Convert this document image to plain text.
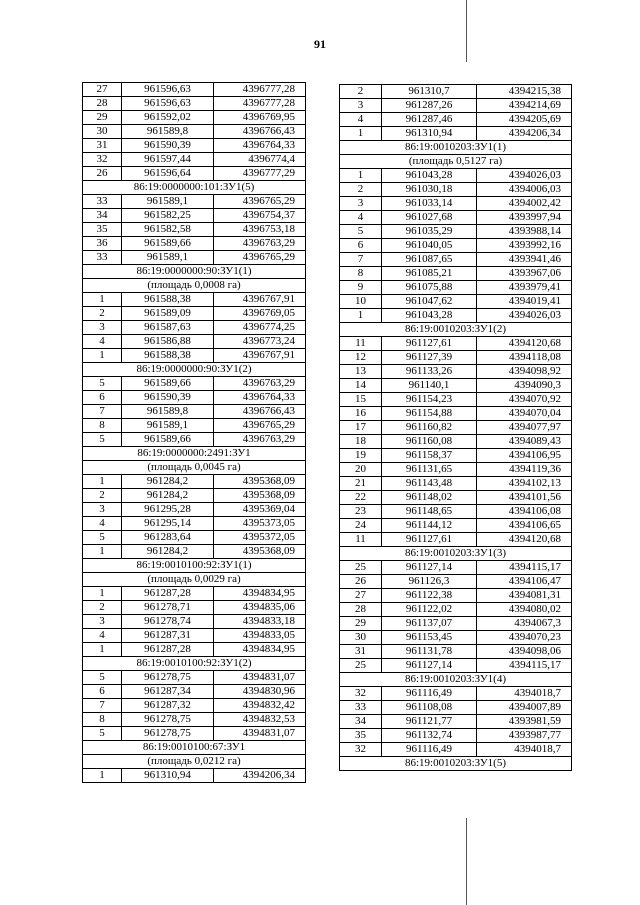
91
27	961596,63	4396777,28
28	961596,63	4396777,28
29	961592,02	4396769,95
30	961589,8	4396766,43
31	961590,39	4396764,33
32	961597,44	4396774,4
26	961596,64	4396777,29
86:19:0000000:101:ЗУ1(5)		
33	961589,1	4396765,29
34	961582,25	4396754,37
35	961582,58	4396753,18
36	961589,66	4396763,29
33	961589,1	4396765,29
86:19:0000000:90:ЗУ1(1)		
(площадь 0,0008 га)		
1	961588,38	4396767,91
2	961589,09	4396769,05
3	961587,63	4396774,25
4	961586,88	4396773,24
1	961588,38	4396767,91
86:19:0000000:90:ЗУ1(2)		
5	961589,66	4396763,29
6	961590,39	4396764,33
7	961589,8	4396766,43
8	961589,1	4396765,29
5	961589,66	4396763,29
86:19:0000000:2491:ЗУ1		
(площадь 0,0045 га)		
1	961284,2	4395368,09
2	961284,2	4395368,09
3	961295,28	4395369,04
4	961295,14	4395373,05
5	961283,64	4395372,05
1	961284,2	4395368,09
86:19:0010100:92:ЗУ1(1)		
(площадь 0,0029 га)		
1	961287,28	4394834,95
2	961278,71	4394835,06
3	961278,74	4394833,18
4	961287,31	4394833,05
1	961287,28	4394834,95
86:19:0010100:92:ЗУ1(2)		
5	961278,75	4394831,07
6	961287,34	4394830,96
7	961287,32	4394832,42
8	961278,75	4394832,53
5	961278,75	4394831,07
86:19:0010100:67:ЗУ1		
(площадь 0,0212 га)		
1	961310,94	4394206,34
2	961310,7	4394215,38
3	961287,26	4394214,69
4	961287,46	4394205,69
1	961310,94	4394206,34
86:19:0010203:ЗУ1(1)		
(площадь 0,5127 га)		
1	961043,28	4394026,03
2	961030,18	4394006,03
3	961033,14	4394002,42
4	961027,68	4393997,94
5	961035,29	4393988,14
6	961040,05	4393992,16
7	961087,65	4393941,46
8	961085,21	4393967,06
9	961075,88	4393979,41
10	961047,62	4394019,41
1	961043,28	4394026,03
86:19:0010203:ЗУ1(2)		
11	961127,61	4394120,68
12	961127,39	4394118,08
13	961133,26	4394098,92
14	961140,1	4394090,3
15	961154,23	4394070,92
16	961154,88	4394070,04
17	961160,82	4394077,97
18	961160,08	4394089,43
19	961158,37	4394106,95
20	961131,65	4394119,36
21	961143,48	4394102,13
22	961148,02	4394101,56
23	961148,65	4394106,08
24	961144,12	4394106,65
11	961127,61	4394120,68
86:19:0010203:ЗУ1(3)		
25	961127,14	4394115,17
26	961126,3	4394106,47
27	961122,38	4394081,31
28	961122,02	4394080,02
29	961137,07	4394067,3
30	961153,45	4394070,23
31	961131,78	4394098,06
25	961127,14	4394115,17
86:19:0010203:ЗУ1(4)		
32	961116,49	4394018,7
33	961108,08	4394007,89
34	961121,77	4393981,59
35	961132,74	4393987,77
32	961116,49	4394018,7
86:19:0010203:ЗУ1(5)		
